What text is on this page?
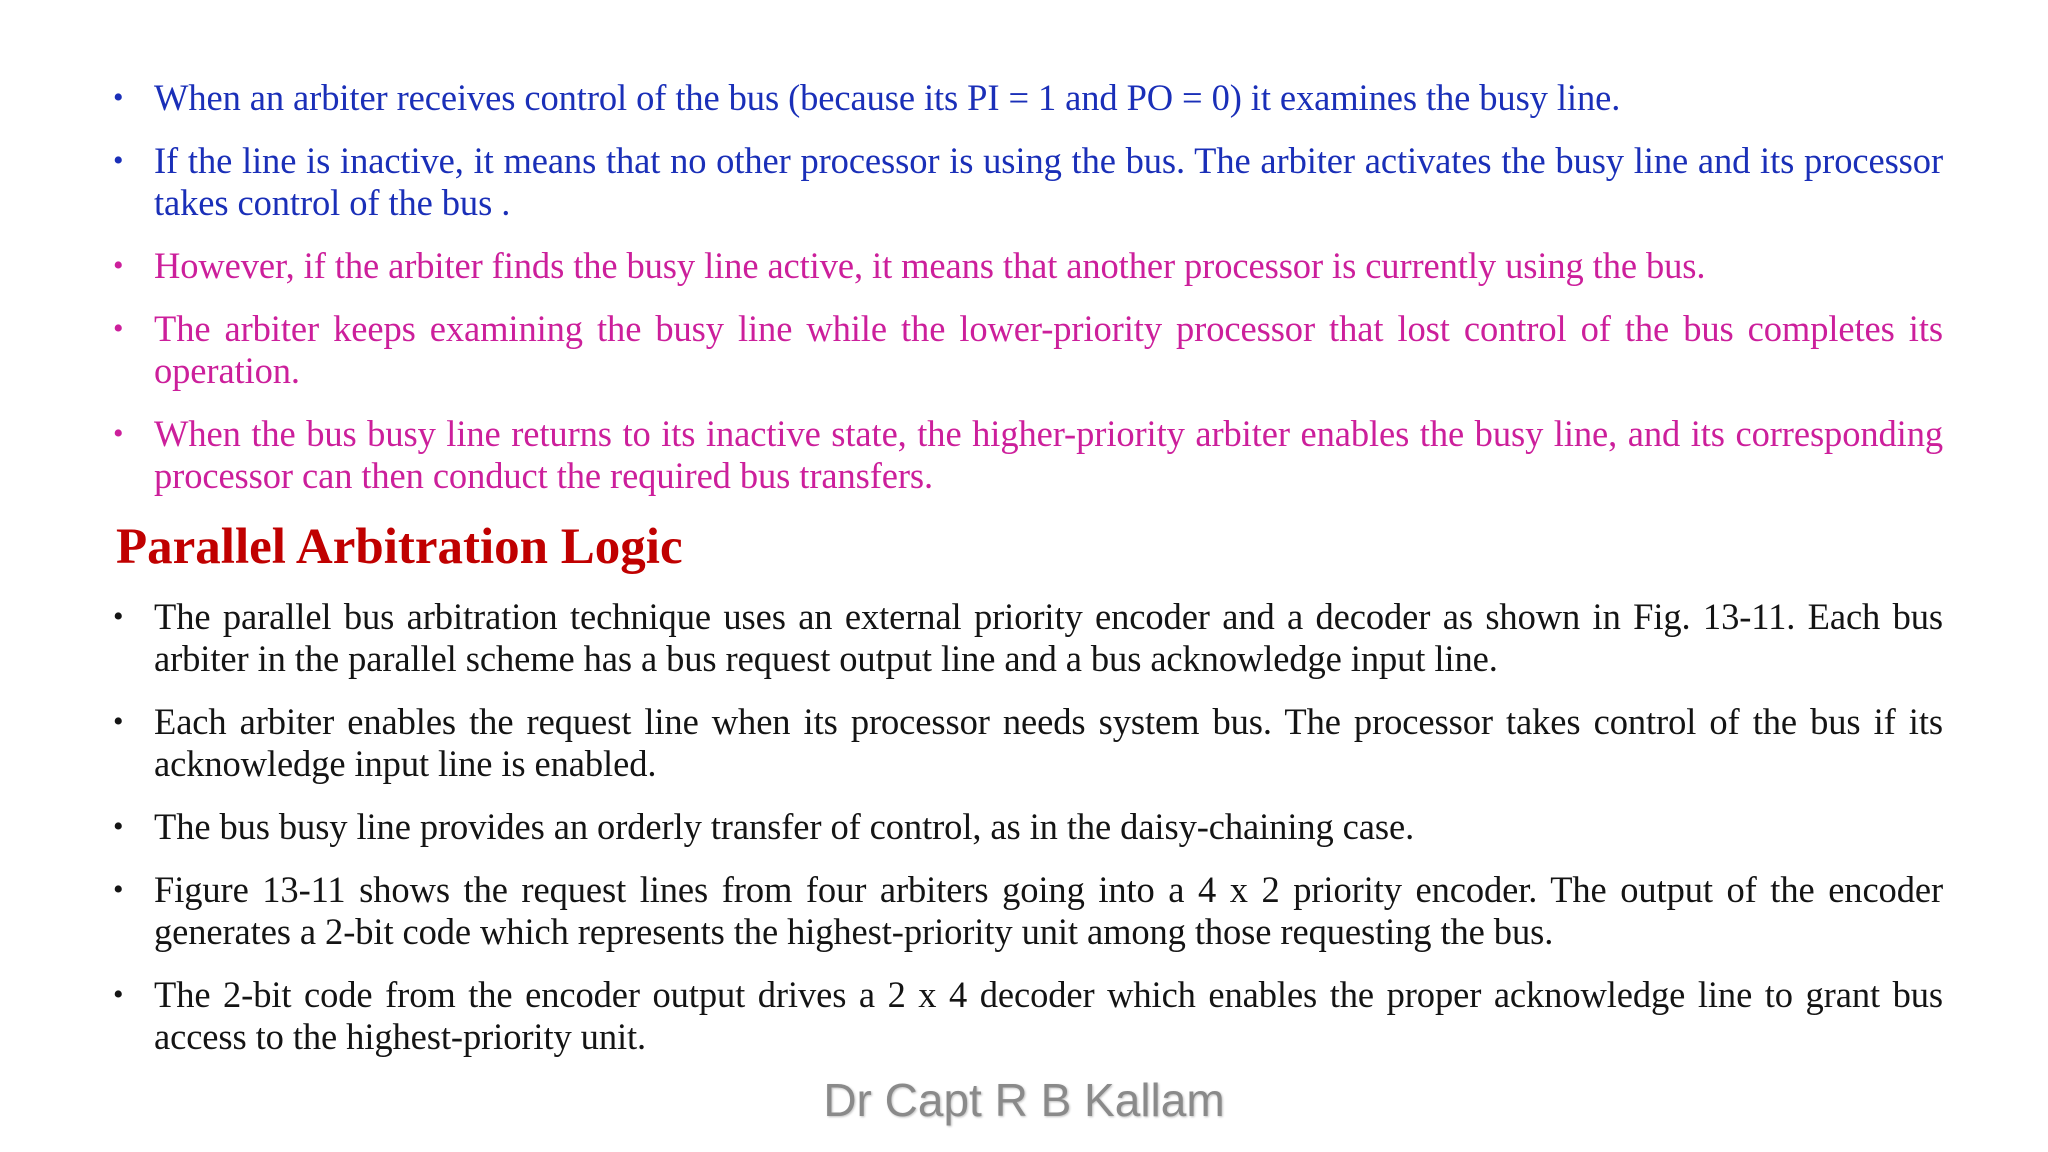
• When an arbiter receives control of the bus (because its PI = 1 and PO = 0) it examines the busy line.
• If the line is inactive, it means that no other processor is using the bus. The arbiter activates the busy line and its processor takes control of the bus .
• However, if the arbiter finds the busy line active, it means that another processor is currently using the bus.
• The arbiter keeps examining the busy line while the lower-priority processor that lost control of the bus completes its operation.
• When the bus busy line returns to its inactive state, the higher-priority arbiter enables the busy line, and its corresponding processor can then conduct the required bus transfers.
Parallel Arbitration Logic
• The parallel bus arbitration technique uses an external priority encoder and a decoder as shown in Fig. 13-11. Each bus arbiter in the parallel scheme has a bus request output line and a bus acknowledge input line.
• Each arbiter enables the request line when its processor needs system bus. The processor takes control of the bus if its acknowledge input line is enabled.
• The bus busy line provides an orderly transfer of control, as in the daisy-chaining case.
• Figure 13-11 shows the request lines from four arbiters going into a 4 x 2 priority encoder. The output of the encoder generates a 2-bit code which represents the highest-priority unit among those requesting the bus.
• The 2-bit code from the encoder output drives a 2 x 4 decoder which enables the proper acknowledge line to grant bus access to the highest-priority unit.
Dr Capt R B Kallam
